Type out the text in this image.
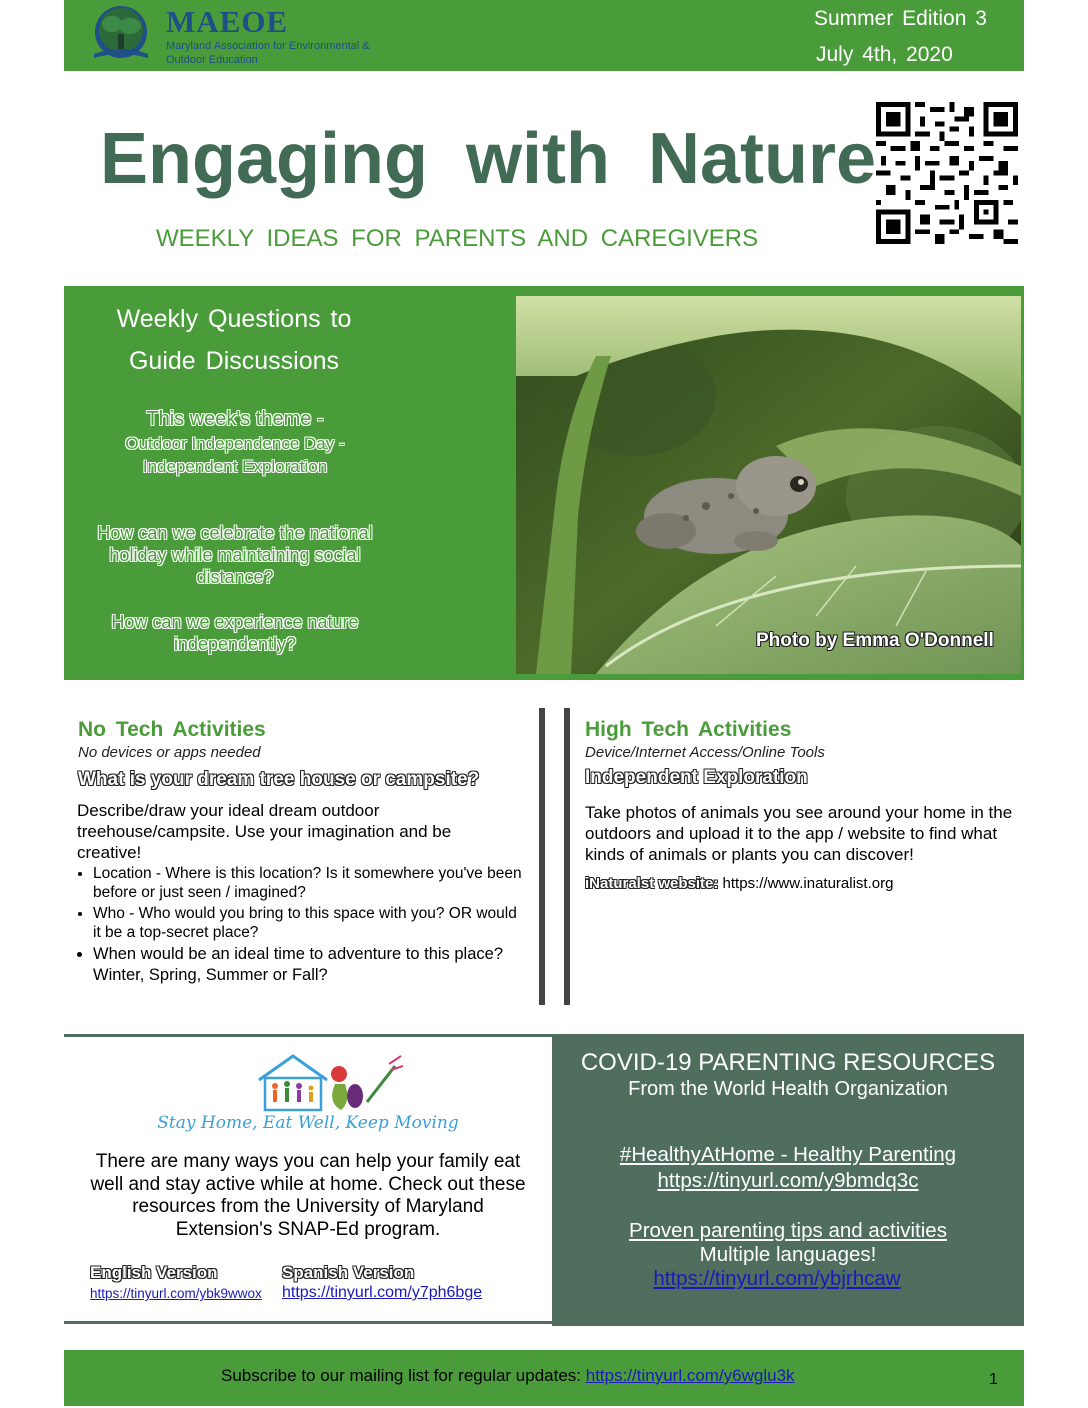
MAEOE
Maryland Association for Environmental &
Outdoor Education
Summer Edition 3
July 4th, 2020
Engaging with Nature
WEEKLY IDEAS FOR PARENTS AND CAREGIVERS
Weekly Questions to
Guide Discussions
This week's theme -
Outdoor Independence Day -
Independent Exploration
How can we celebrate the national holiday while maintaining social distance?
How can we experience nature independently?	Photo by Emma O'Donnell
No Tech Activities
No devices or apps needed
What is your dream tree house or campsite?
Describe/draw your ideal dream outdoor treehouse/campsite. Use your imagination and be creative!
• Location - Where is this location? Is it somewhere you've been before or just seen / imagined?
• Who - Who would you bring to this space with you? OR would it be a top-secret place?
• When would be an ideal time to adventure to this place? Winter, Spring, Summer or Fall?
High Tech Activities
Device/Internet Access/Online Tools
Independent Exploration
Take photos of animals you see around your home in the outdoors and upload it to the app / website to find what kinds of animals or plants you can discover!
iNaturalst website: https://www.inaturalist.org
Stay Home, Eat Well, Keep Moving
There are many ways you can help your family eat well and stay active while at home. Check out these resources from the University of Maryland Extension's SNAP-Ed program.
English Version
https://tinyurl.com/ybk9wwox
Spanish Version
https://tinyurl.com/y7ph6bge
COVID-19 PARENTING RESOURCES
From the World Health Organization
#HealthyAtHome - Healthy Parenting
https://tinyurl.com/y9bmdq3c
Proven parenting tips and activities
Multiple languages!
https://tinyurl.com/ybjrhcaw
Subscribe to our mailing list for regular updates: https://tinyurl.com/y6wglu3k	1
